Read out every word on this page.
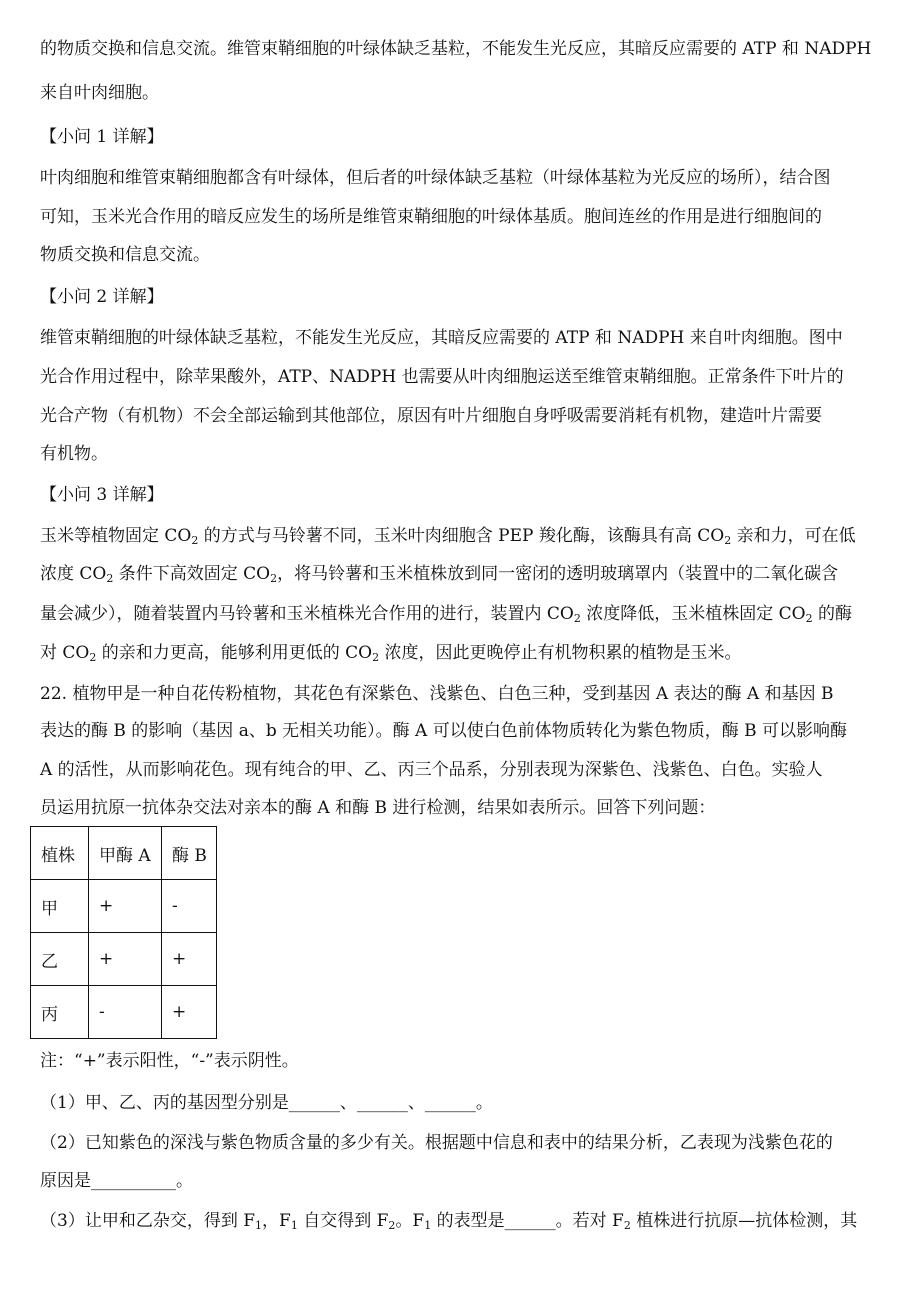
的物质交换和信息交流。维管束鞘细胞的叶绿体缺乏基粒，不能发生光反应，其暗反应需要的 ATP 和 NADPH
来自叶肉细胞。
【小问 1 详解】
叶肉细胞和维管束鞘细胞都含有叶绿体，但后者的叶绿体缺乏基粒（叶绿体基粒为光反应的场所），结合图
可知，玉米光合作用的暗反应发生的场所是维管束鞘细胞的叶绿体基质。胞间连丝的作用是进行细胞间的
物质交换和信息交流。
【小问 2 详解】
维管束鞘细胞的叶绿体缺乏基粒，不能发生光反应，其暗反应需要的 ATP 和 NADPH 来自叶肉细胞。图中
光合作用过程中，除苹果酸外，ATP、NADPH 也需要从叶肉细胞运送至维管束鞘细胞。正常条件下叶片的
光合产物（有机物）不会全部运输到其他部位，原因有叶片细胞自身呼吸需要消耗有机物，建造叶片需要
有机物。
【小问 3 详解】
玉米等植物固定 $CO_2$ 的方式与马铃薯不同，玉米叶肉细胞含 PEP 羧化酶，该酶具有高 $CO_2$ 亲和力，可在低
浓度 $CO_2$ 条件下高效固定 $CO_2$，将马铃薯和玉米植株放到同一密闭的透明玻璃罩内（装置中的二氧化碳含
量会减少），随着装置内马铃薯和玉米植株光合作用的进行，装置内 $CO_2$ 浓度降低，玉米植株固定 $CO_2$ 的酶
对 $CO_2$ 的亲和力更高，能够利用更低的 $CO_2$ 浓度，因此更晚停止有机物积累的植物是玉米。
22. 植物甲是一种自花传粉植物，其花色有深紫色、浅紫色、白色三种，受到基因 A 表达的酶 A 和基因 B
表达的酶 B 的影响（基因 a、b 无相关功能）。酶 A 可以使白色前体物质转化为紫色物质，酶 B 可以影响酶
A 的活性，从而影响花色。现有纯合的甲、乙、丙三个品系，分别表现为深紫色、浅紫色、白色。实验人
员运用抗原一抗体杂交法对亲本的酶 A 和酶 B 进行检测，结果如表所示。回答下列问题：
植株	甲酶 A	酶 B
甲	+	-
乙	+	+
丙	-	+
注：“+”表示阳性，“-”表示阴性。
（1）甲、乙、丙的基因型分别是______、______、______。
（2）已知紫色的深浅与紫色物质含量的多少有关。根据题中信息和表中的结果分析，乙表现为浅紫色花的
原因是__________。
（3）让甲和乙杂交，得到 $F_1$，$F_1$ 自交得到 $F_2$。$F_1$ 的表型是______。若对 $F_2$ 植株进行抗原—抗体检测，其
